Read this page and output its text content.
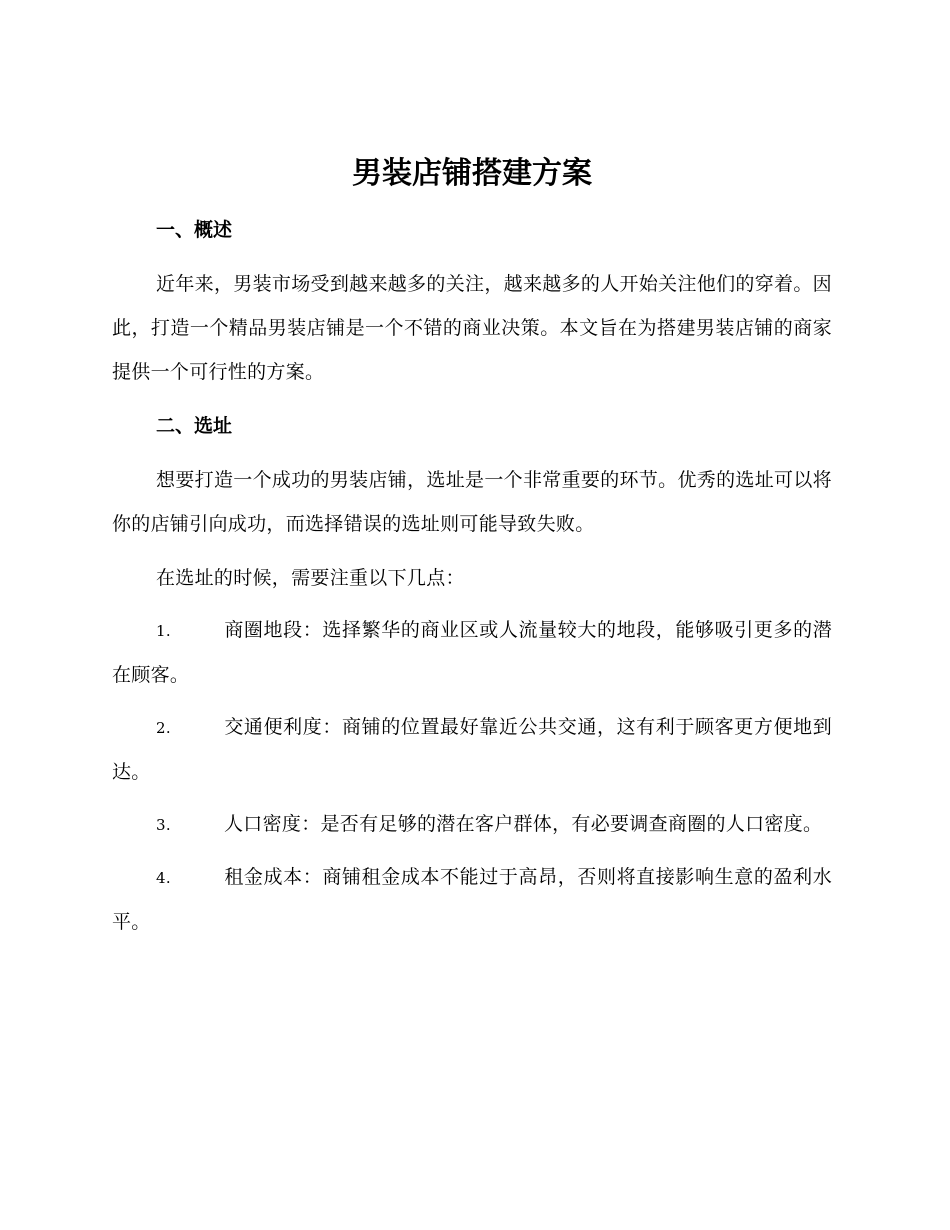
男装店铺搭建方案
一、概述

近年来，男装市场受到越来越多的关注，越来越多的人开始关注他们的穿着。因此，打造一个精品男装店铺是一个不错的商业决策。本文旨在为搭建男装店铺的商家提供一个可行性的方案。

二、选址

想要打造一个成功的男装店铺，选址是一个非常重要的环节。优秀的选址可以将你的店铺引向成功，而选择错误的选址则可能导致失败。

在选址的时候，需要注重以下几点：

1.	商圈地段：选择繁华的商业区或人流量较大的地段，能够吸引更多的潜在顾客。

2.	交通便利度：商铺的位置最好靠近公共交通，这有利于顾客更方便地到达。

3.	人口密度：是否有足够的潜在客户群体，有必要调查商圈的人口密度。

4.	租金成本：商铺租金成本不能过于高昂，否则将直接影响生意的盈利水平。
